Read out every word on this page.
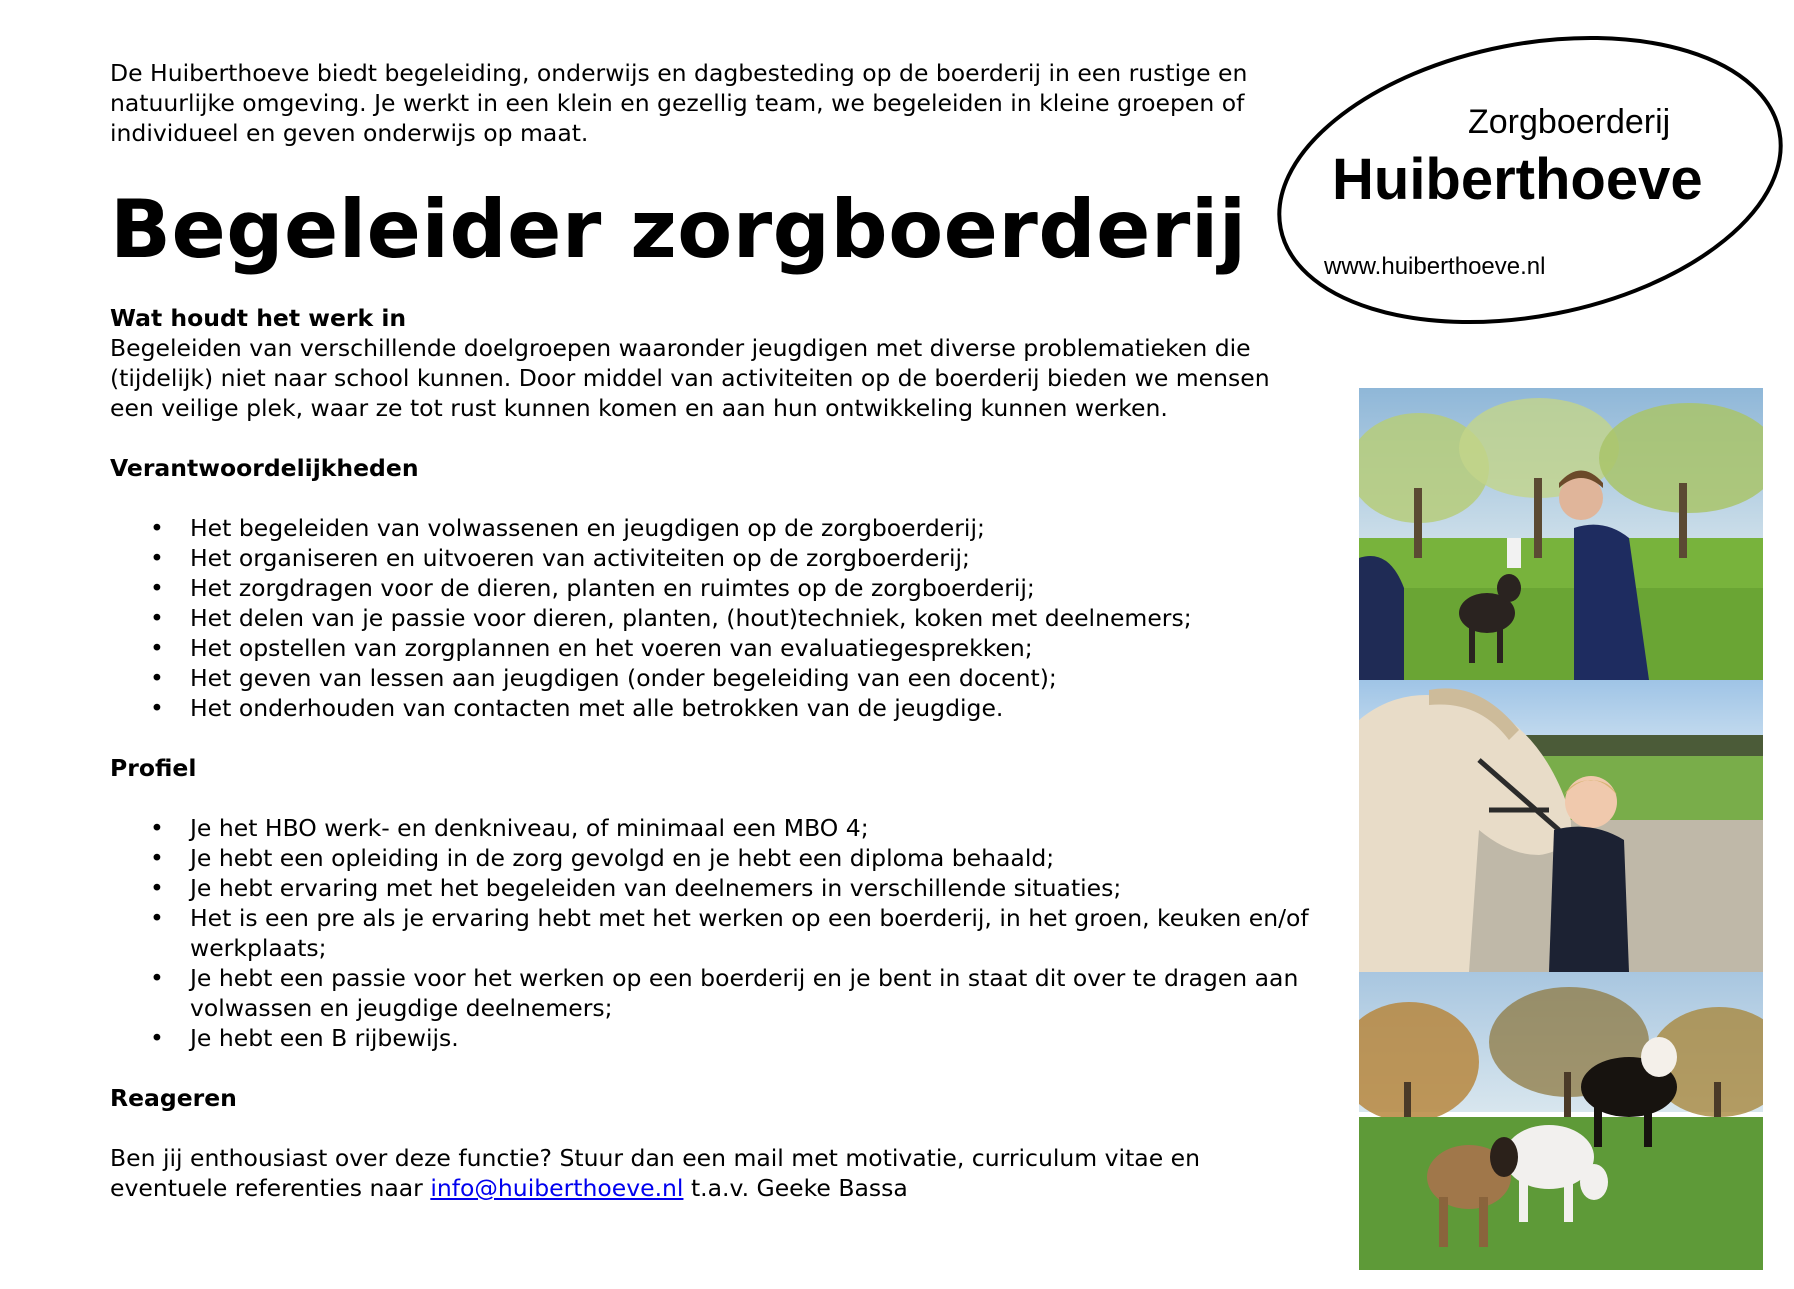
De Huiberthoeve biedt begeleiding, onderwijs en dagbesteding op de boerderij in een rustige en natuurlijke omgeving. Je werkt in een klein en gezellig team, we begeleiden in kleine groepen of individueel en geven onderwijs op maat.

Begeleider zorgboerderij
Zorgboerderij
Huiberthoeve
www.huiberthoeve.nl
Wat houdt het werk in

Begeleiden van verschillende doelgroepen waaronder jeugdigen met diverse problematieken die (tijdelijk) niet naar school kunnen. Door middel van activiteiten op de boerderij bieden we mensen een veilige plek, waar ze tot rust kunnen komen en aan hun ontwikkeling kunnen werken.

Verantwoordelijkheden
• Het begeleiden van volwassenen en jeugdigen op de zorgboerderij;
• Het organiseren en uitvoeren van activiteiten op de zorgboerderij;
• Het zorgdragen voor de dieren, planten en ruimtes op de zorgboerderij;
• Het delen van je passie voor dieren, planten, (hout)techniek, koken met deelnemers;
• Het opstellen van zorgplannen en het voeren van evaluatiegesprekken;
• Het geven van lessen aan jeugdigen (onder begeleiding van een docent);
• Het onderhouden van contacten met alle betrokken van de jeugdige.
Profiel
• Je het HBO werk- en denkniveau, of minimaal een MBO 4;
• Je hebt een opleiding in de zorg gevolgd en je hebt een diploma behaald;
• Je hebt ervaring met het begeleiden van deelnemers in verschillende situaties;
• Het is een pre als je ervaring hebt met het werken op een boerderij, in het groen, keuken en/of werkplaats;
• Je hebt een passie voor het werken op een boerderij en je bent in staat dit over te dragen aan volwassen en jeugdige deelnemers;
• Je hebt een B rijbewijs.
Reageren

Ben jij enthousiast over deze functie? Stuur dan een mail met motivatie, curriculum vitae en eventuele referenties naar info@huiberthoeve.nl t.a.v. Geeke Bassa
